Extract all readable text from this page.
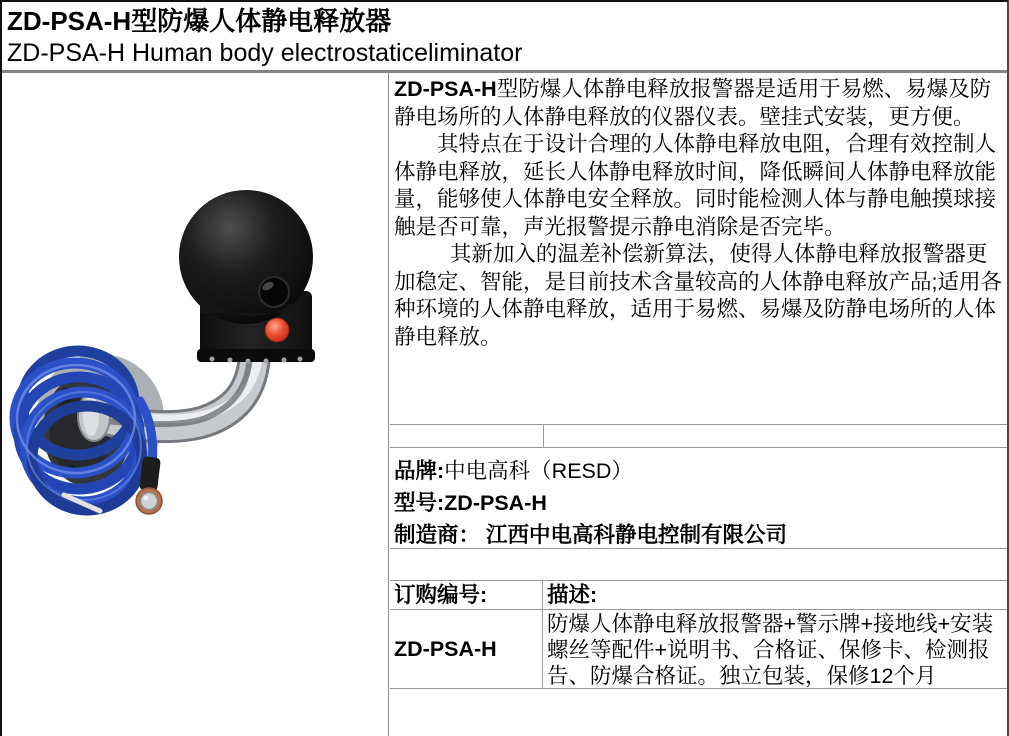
ZD-PSA-H型防爆人体静电释放器
ZD-PSA-H Human body electrostaticeliminator

ZD-PSA-H型防爆人体静电释放报警器是适用于易燃、易爆及防静电场所的人体静电释放的仪器仪表。壁挂式安装，更方便。

其特点在于设计合理的人体静电释放电阻，合理有效控制人体静电释放，延长人体静电释放时间，降低瞬间人体静电释放能量，能够使人体静电安全释放。同时能检测人体与静电触摸球接触是否可靠，声光报警提示静电消除是否完毕。

其新加入的温差补偿新算法，使得人体静电释放报警器更加稳定、智能，是目前技术含量较高的人体静电释放产品;适用各种环境的人体静电释放，适用于易燃、易爆及防静电场所的人体静电释放。

品牌:中电高科（RESD）
型号:ZD-PSA-H
制造商： 江西中电高科静电控制有限公司
订购编号:	描述:
ZD-PSA-H
防爆人体静电释放报警器+警示牌+接地线+安装螺丝等配件+说明书、合格证、保修卡、检测报告、防爆合格证。独立包装，保修12个月
